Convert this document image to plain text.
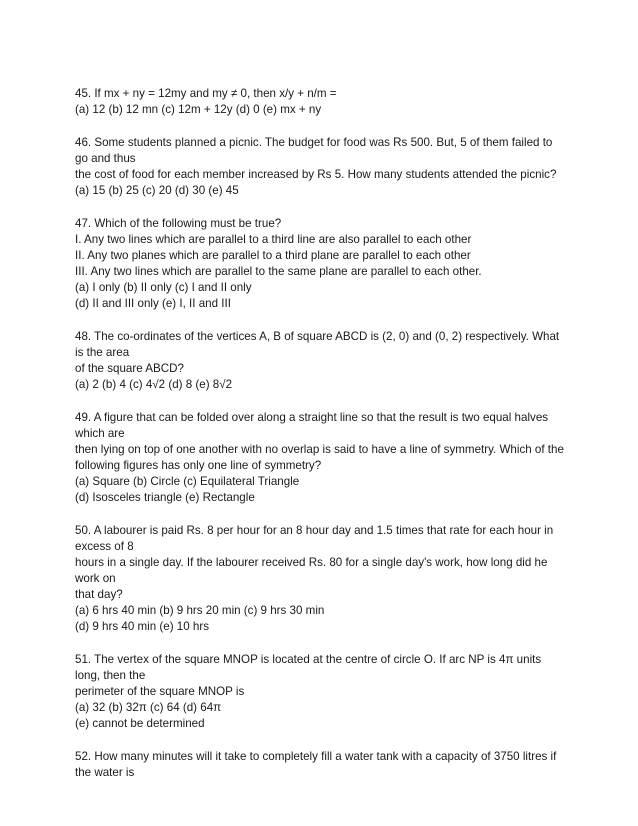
45. If mx + ny = 12my and my ≠ 0, then x/y + n/m =
(a) 12 (b) 12 mn (c) 12m + 12y (d) 0 (e) mx + ny
46. Some students planned a picnic. The budget for food was Rs 500. But, 5 of them failed to
go and thus
the cost of food for each member increased by Rs 5. How many students attended the picnic?
(a) 15 (b) 25 (c) 20 (d) 30 (e) 45
47. Which of the following must be true?
I. Any two lines which are parallel to a third line are also parallel to each other
II. Any two planes which are parallel to a third plane are parallel to each other
III. Any two lines which are parallel to the same plane are parallel to each other.
(a) I only (b) II only (c) I and II only
(d) II and III only (e) I, II and III
48. The co-ordinates of the vertices A, B of square ABCD is (2, 0) and (0, 2) respectively. What
is the area
of the square ABCD?
(a) 2 (b) 4 (c) 4√2 (d) 8 (e) 8√2
49. A figure that can be folded over along a straight line so that the result is two equal halves
which are
then lying on top of one another with no overlap is said to have a line of symmetry. Which of the
following figures has only one line of symmetry?
(a) Square (b) Circle (c) Equilateral Triangle
(d) Isosceles triangle (e) Rectangle
50. A labourer is paid Rs. 8 per hour for an 8 hour day and 1.5 times that rate for each hour in
excess of 8
hours in a single day. If the labourer received Rs. 80 for a single day's work, how long did he
work on
that day?
(a) 6 hrs 40 min (b) 9 hrs 20 min (c) 9 hrs 30 min
(d) 9 hrs 40 min (e) 10 hrs
51. The vertex of the square MNOP is located at the centre of circle O. If arc NP is 4π units
long, then the
perimeter of the square MNOP is
(a) 32 (b) 32π (c) 64 (d) 64π
(e) cannot be determined
52. How many minutes will it take to completely fill a water tank with a capacity of 3750 litres if
the water is
